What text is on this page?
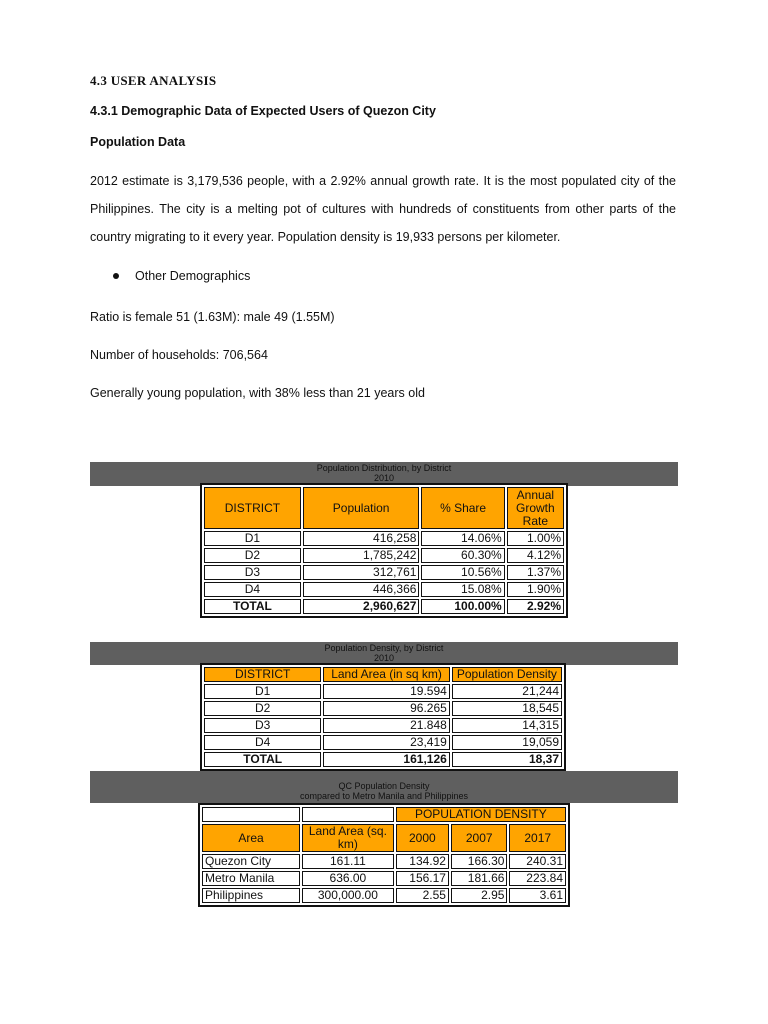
4.3 USER ANALYSIS
4.3.1 Demographic Data of Expected Users of Quezon City
Population Data
2012 estimate is 3,179,536 people, with a 2.92% annual growth rate. It is the most populated city of the Philippines. The city is a melting pot of cultures with hundreds of constituents from other parts of the country migrating to it every year. Population density is 19,933 persons per kilometer.
Other Demographics
Ratio is female 51 (1.63M): male 49 (1.55M)
Number of households: 706,564
Generally young population, with 38% less than 21 years old
Population Distribution, by District
2010
DISTRICT	Population	% Share	Annual Growth Rate
D1	416,258	14.06%	1.00%
D2	1,785,242	60.30%	4.12%
D3	312,761	10.56%	1.37%
D4	446,366	15.08%	1.90%
TOTAL	2,960,627	100.00%	2.92%
Population Density, by District
2010
DISTRICT	Land Area (in sq km)	Population Density
D1	19.594	21,244
D2	96.265	18,545
D3	21.848	14,315
D4	23,419	19,059
TOTAL	161,126	18,37
QC Population Density
compared to Metro Manila and Philippines
		POPULATION DENSITY		
Area	Land Area (sq. km)	2000	2007	2017
Quezon City	161.11	134.92	166.30	240.31
Metro Manila	636.00	156.17	181.66	223.84
Philippines	300,000.00	2.55	2.95	3.61
